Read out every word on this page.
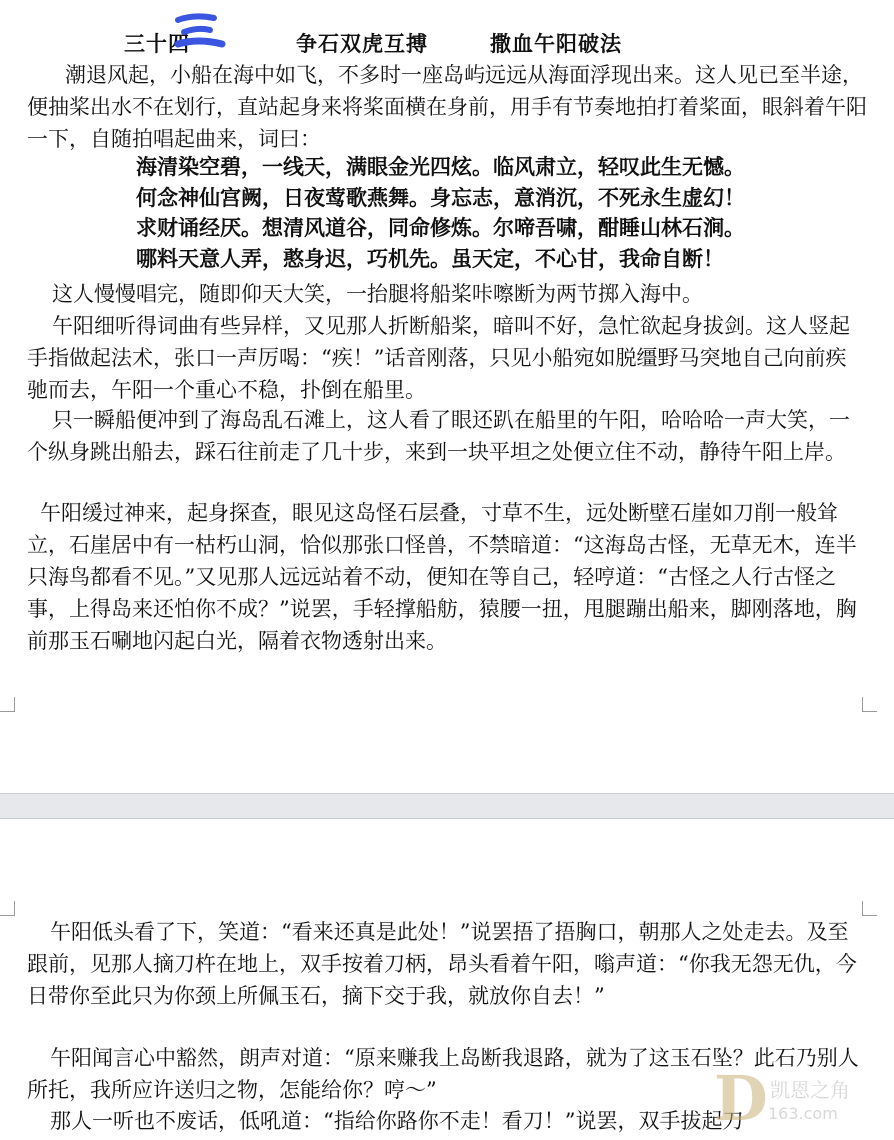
三十四	争石双虎互搏	撒血午阳破法

潮退风起，小船在海中如飞，不多时一座岛屿远远从海面浮现出来。这人见已至半途，便抽桨出水不在划行，直站起身来将桨面横在身前，用手有节奏地拍打着桨面，眼斜着午阳一下，自随拍唱起曲来，词曰：

海清染空碧，一线天，满眼金光四炫。临风肃立，轻叹此生无憾。
何念神仙宫阙，日夜莺歌燕舞。身忘志，意消沉，不死永生虚幻！
求财诵经厌。想清风道谷，同命修炼。尔啼吾啸，酣睡山林石涧。
哪料天意人弄，憨身迟，巧机先。虽天定，不心甘，我命自断！

这人慢慢唱完，随即仰天大笑，一抬腿将船桨咔嚓断为两节掷入海中。

午阳细听得词曲有些异样，又见那人折断船桨，暗叫不好，急忙欲起身拔剑。这人竖起手指做起法术，张口一声厉喝：“疾！”话音刚落，只见小船宛如脱缰野马突地自己向前疾驰而去，午阳一个重心不稳，扑倒在船里。

只一瞬船便冲到了海岛乱石滩上，这人看了眼还趴在船里的午阳，哈哈哈一声大笑，一个纵身跳出船去，踩石往前走了几十步，来到一块平坦之处便立住不动，静待午阳上岸。

午阳缓过神来，起身探查，眼见这岛怪石层叠，寸草不生，远处断壁石崖如刀削一般耸立，石崖居中有一枯朽山洞，恰似那张口怪兽，不禁暗道：“这海岛古怪，无草无木，连半只海鸟都看不见。”又见那人远远站着不动，便知在等自己，轻哼道：“古怪之人行古怪之事，上得岛来还怕你不成？”说罢，手轻撑船舫，猿腰一扭，甩腿蹦出船来，脚刚落地，胸前那玉石唰地闪起白光，隔着衣物透射出来。

午阳低头看了下，笑道：“看来还真是此处！”说罢捂了捂胸口，朝那人之处走去。及至跟前，见那人摘刀杵在地上，双手按着刀柄，昂头看着午阳，嗡声道：“你我无怨无仇，今日带你至此只为你颈上所佩玉石，摘下交于我，就放你自去！”

午阳闻言心中豁然，朗声对道：“原来赚我上岛断我退路，就为了这玉石坠？此石乃别人所托，我所应许送归之物，怎能给你？哼～”

那人一听也不废话，低吼道：“指给你路你不走！看刀！”说罢，双手拔起刀

D 凯恩之角
163.com
